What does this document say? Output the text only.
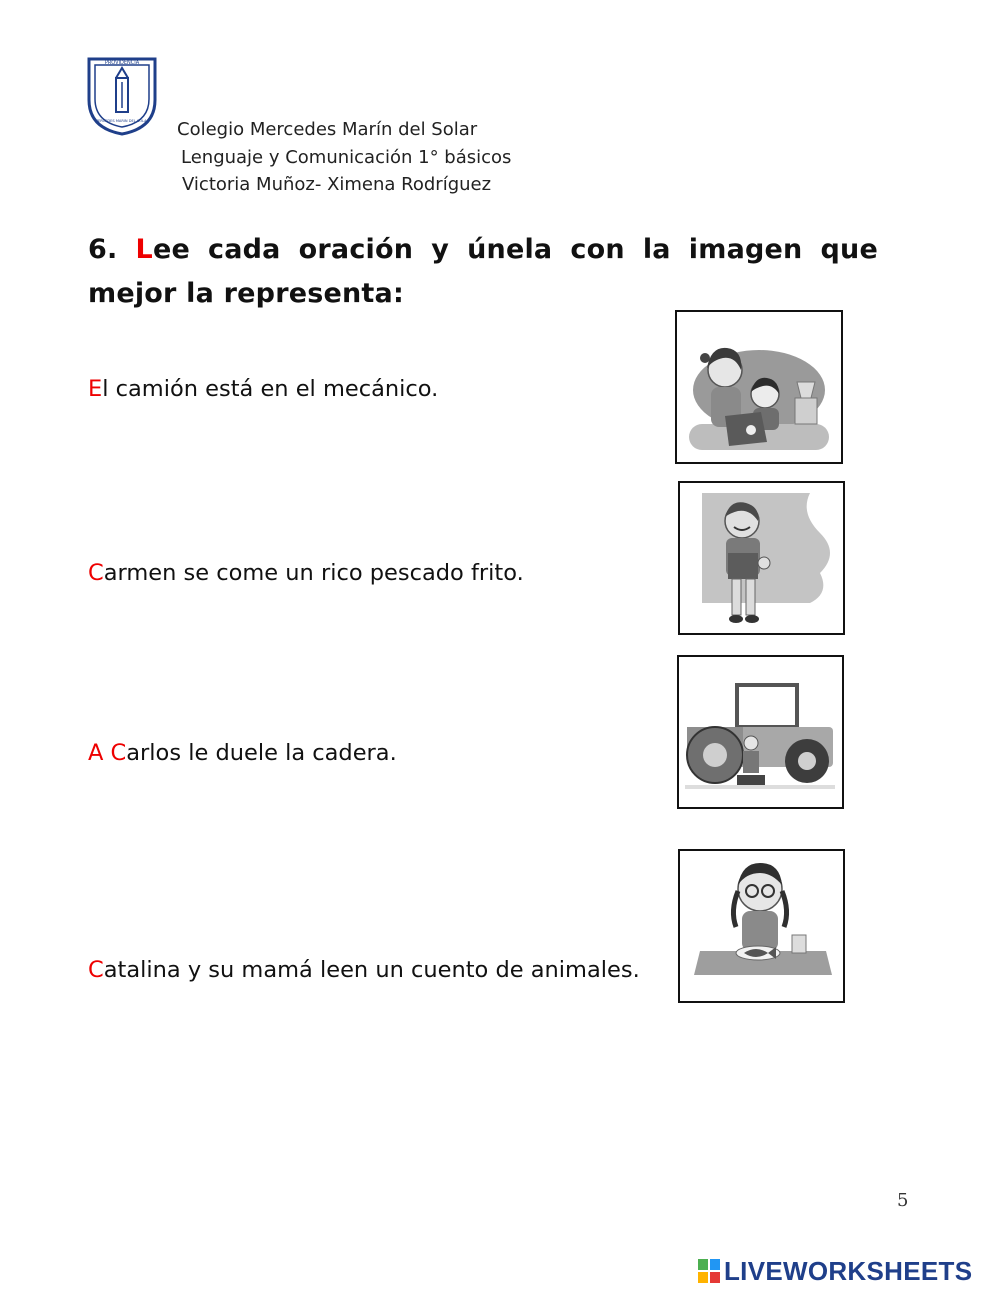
PROVIDENCIA
MERCEDES MARIN DEL SOLAR Colegio Mercedes Marín del Solar
Lenguaje y Comunicación 1° básicos
Victoria Muñoz- Ximena Rodríguez
6. Lee cada oración y únela con la imagen que mejor la representa:
El camión está en el mecánico.
Carmen se come un rico pescado frito.
A Carlos le duele la cadera.
Catalina y su mamá leen un cuento de animales.
5
LIVEWORKSHEETS
